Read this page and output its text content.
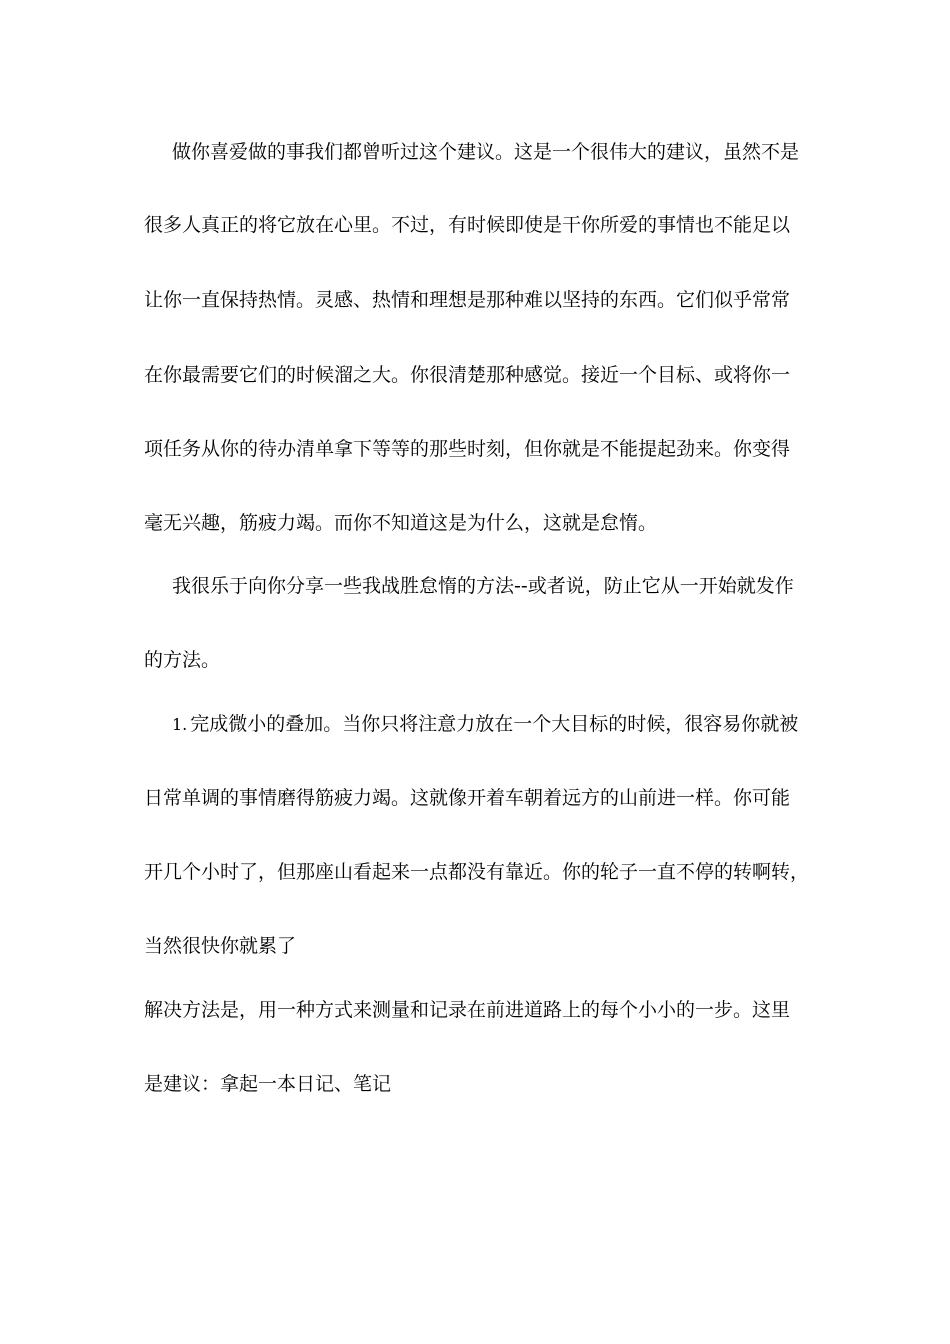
做你喜爱做的事我们都曾听过这个建议。这是一个很伟大的建议，虽然不是
很多人真正的将它放在心里。不过，有时候即使是干你所爱的事情也不能足以
让你一直保持热情。灵感、热情和理想是那种难以坚持的东西。它们似乎常常
在你最需要它们的时候溜之大。你很清楚那种感觉。接近一个目标、或将你一
项任务从你的待办清单拿下等等的那些时刻，但你就是不能提起劲来。你变得
毫无兴趣，筋疲力竭。而你不知道这是为什么，这就是怠惰。
我很乐于向你分享一些我战胜怠惰的方法--或者说，防止它从一开始就发作
的方法。
1. 完成微小的叠加。当你只将注意力放在一个大目标的时候，很容易你就被
日常单调的事情磨得筋疲力竭。这就像开着车朝着远方的山前进一样。你可能
开几个小时了，但那座山看起来一点都没有靠近。你的轮子一直不停的转啊转，
当然很快你就累了
解决方法是，用一种方式来测量和记录在前进道路上的每个小小的一步。这里
是建议：拿起一本日记、笔记
